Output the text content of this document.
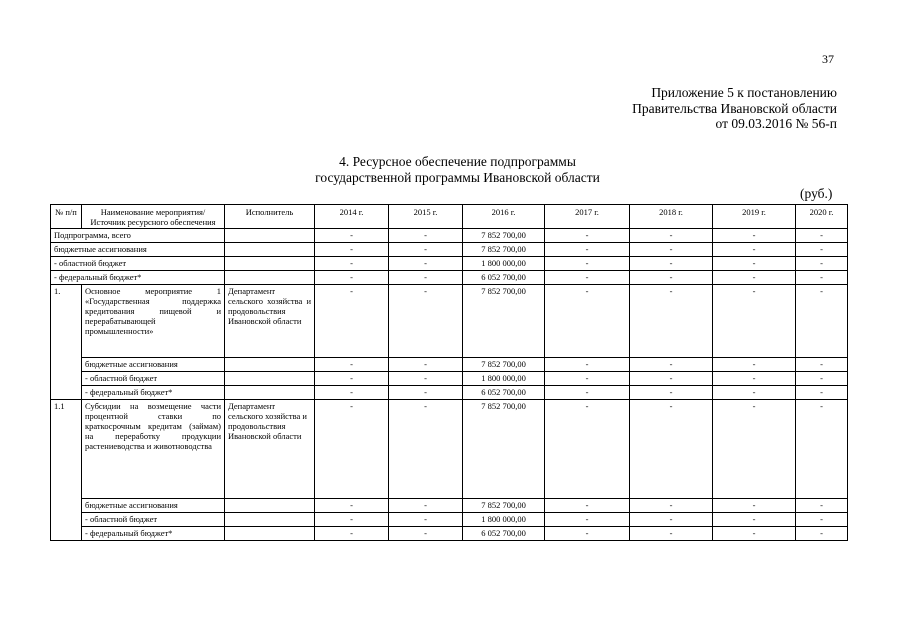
37
Приложение 5 к постановлению
Правительства Ивановской области
от 09.03.2016 № 56-п
4. Ресурсное обеспечение подпрограммы
государственной программы Ивановской области
(руб.)
№ п/п	Наименование мероприятия/ Источник ресурсного обеспечения	Исполнитель	2014 г.	2015 г.	2016 г.	2017 г.	2018 г.	2019 г.	2020 г.
Подпрограмма, всего			-	-	7 852 700,00	-	-	-	-
бюджетные ассигнования			-	-	7 852 700,00	-	-	-	-
- областной бюджет			-	-	1 800 000,00	-	-	-	-
- федеральный бюджет*			-	-	6 052 700,00	-	-	-	-
1.	Основное мероприятие 1 «Государственная поддержка кредитования пищевой и перерабатывающей промышленности»	Департамент сельского хозяйства и продовольствия Ивановской области	-	-	7 852 700,00	-	-	-	-
	бюджетные ассигнования		-	-	7 852 700,00	-	-	-	-
	- областной бюджет		-	-	1 800 000,00	-	-	-	-
	- федеральный бюджет*		-	-	6 052 700,00	-	-	-	-
1.1	Субсидии на возмещение части процентной ставки по краткосрочным кредитам (займам) на переработку продукции растениеводства и животноводства	Департамент сельского хозяйства и продовольствия Ивановской области	-	-	7 852 700,00	-	-	-	-
	бюджетные ассигнования		-	-	7 852 700,00	-	-	-	-
	- областной бюджет		-	-	1 800 000,00	-	-	-	-
	- федеральный бюджет*		-	-	6 052 700,00	-	-	-	-
